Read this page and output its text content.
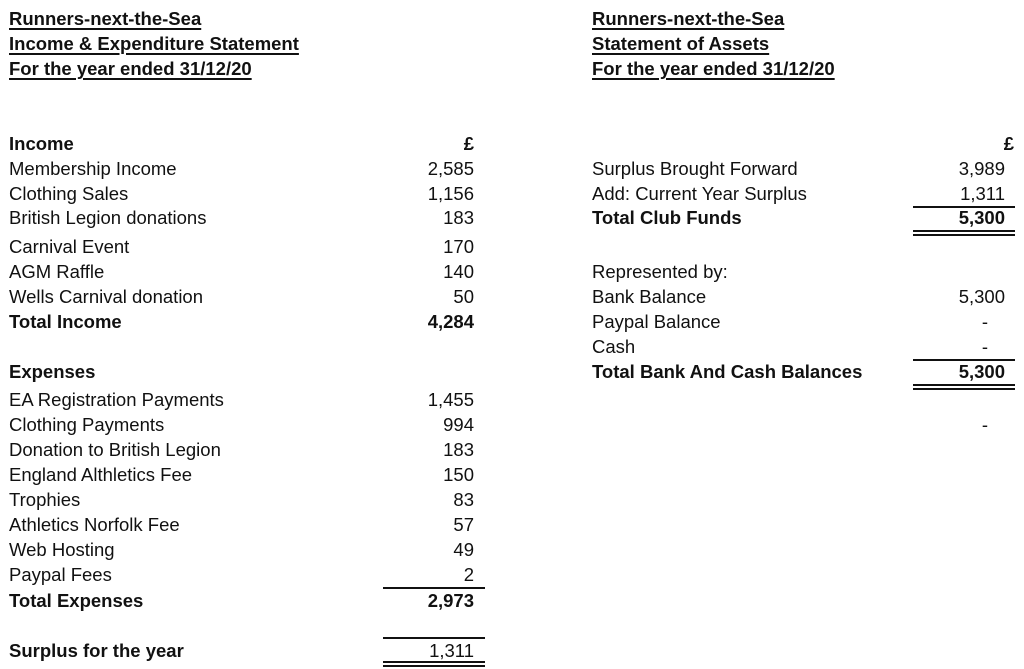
Runners-next-the-Sea
Income & Expenditure Statement
For the year ended 31/12/20
Income	£
Membership Income	2,585
Clothing Sales	1,156
British Legion donations	183
Carnival Event	170
AGM Raffle	140
Wells Carnival donation	50
Total Income	4,284
Expenses
EA Registration Payments	1,455
Clothing Payments	994
Donation to British Legion	183
England Althletics Fee	150
Trophies	83
Athletics Norfolk Fee	57
Web Hosting	49
Paypal Fees	2
Total Expenses	2,973
Surplus for the year	1,311
Runners-next-the-Sea
Statement of Assets
For the year ended 31/12/20
£
Surplus Brought Forward	3,989
Add: Current Year Surplus	1,311
Total Club Funds	5,300
Represented by:
Bank Balance	5,300
Paypal Balance	-
Cash	-
Total Bank And Cash Balances	5,300
-
